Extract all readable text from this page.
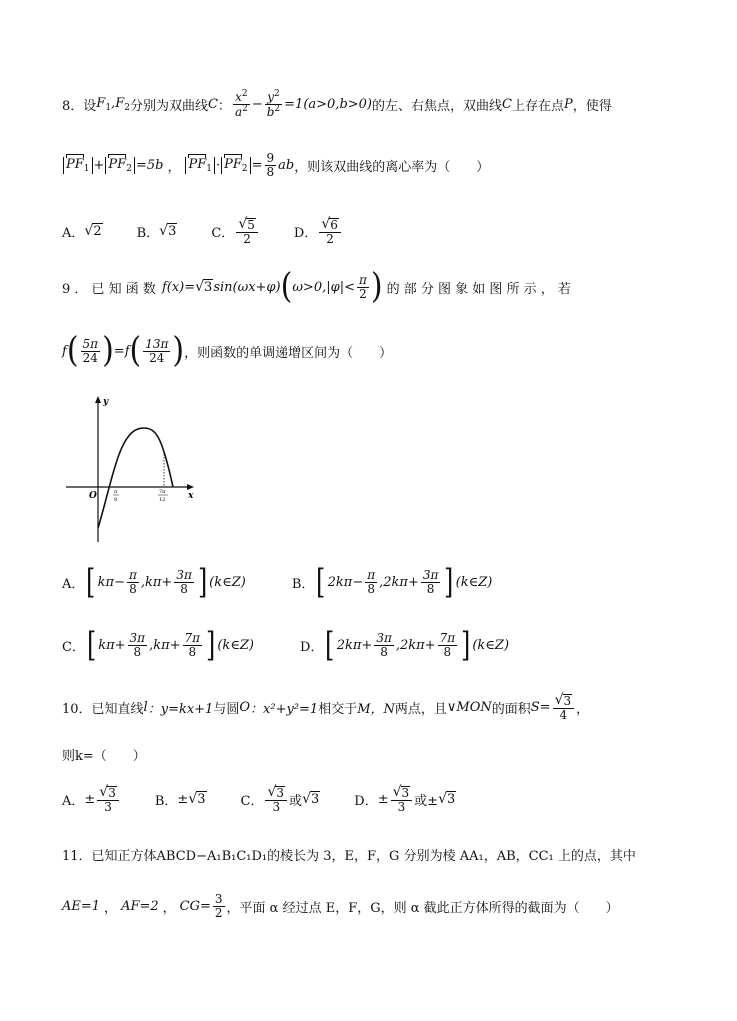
8．设 $F_1,F_2$ 分别为双曲线 C ： $\frac{x^2}{a^2} - \frac{y^2}{b^2} =1(a>0,b>0)$ 的左、右焦点，双曲线 C 上存在点 P ，使得
$PF_1 + PF_2 =5b$ ， $PF_1 \cdot PF_2 = \frac{9}{8}$ ab ，则该双曲线的离心率为（　　）
A． √ 2	B． √ 3	C． $\frac{√ 5}{2}$	D． $\frac{√ 6}{2}$
9 ． 已 知 函 数 f(x)= √ 3 sin(ωx+φ) ( $\omega>0,|\varphi|< \frac{\pi}{2}$ ) 的 部 分 图 象 如 图 所 示 ， 若
f ( $\frac{5\pi}{24}$ ) = f ( $\frac{13\pi}{24}$ ) ，则函数的单调递增区间为（　　）
y
x
O	π
8
7π
12
A． [ $k\pi- \frac{\pi}{8} ,k\pi+ \frac{3\pi}{8}$ ] (k∈Z)	B． [ $2k\pi- \frac{\pi}{8} ,2k\pi+ \frac{3\pi}{8}$ ] (k∈Z)
C． [ $k\pi+ \frac{3\pi}{8} ,k\pi+ \frac{7\pi}{8}$ ] (k∈Z)	D． [ $2k\pi+ \frac{3\pi}{8} ,2k\pi+ \frac{7\pi}{8}$ ] (k∈Z)
10．已知直线 l ：y=kx+1 与圆 O ：x²+y²=1 相交于 M，N 两点，且 ∨MON 的面积 $S= \frac{√ 3}{4}$ ，
则k=（　　）
A． ± $\frac{√ 3}{3}$	B． ± √ 3	C． $\frac{√ 3}{3}$ 或 √ 3	D． ± $\frac{√ 3}{3}$ 或± √ 3
11．已知正方体ABCD−A₁B₁C₁D₁的棱长为 3，E，F，G 分别为棱 AA₁，AB，CC₁ 上的点，其中
AE=1 ， AF=2 ， $CG= \frac{3}{2}$ ，平面 α 经过点 E，F，G，则 α 截此正方体所得的截面为（　　）
